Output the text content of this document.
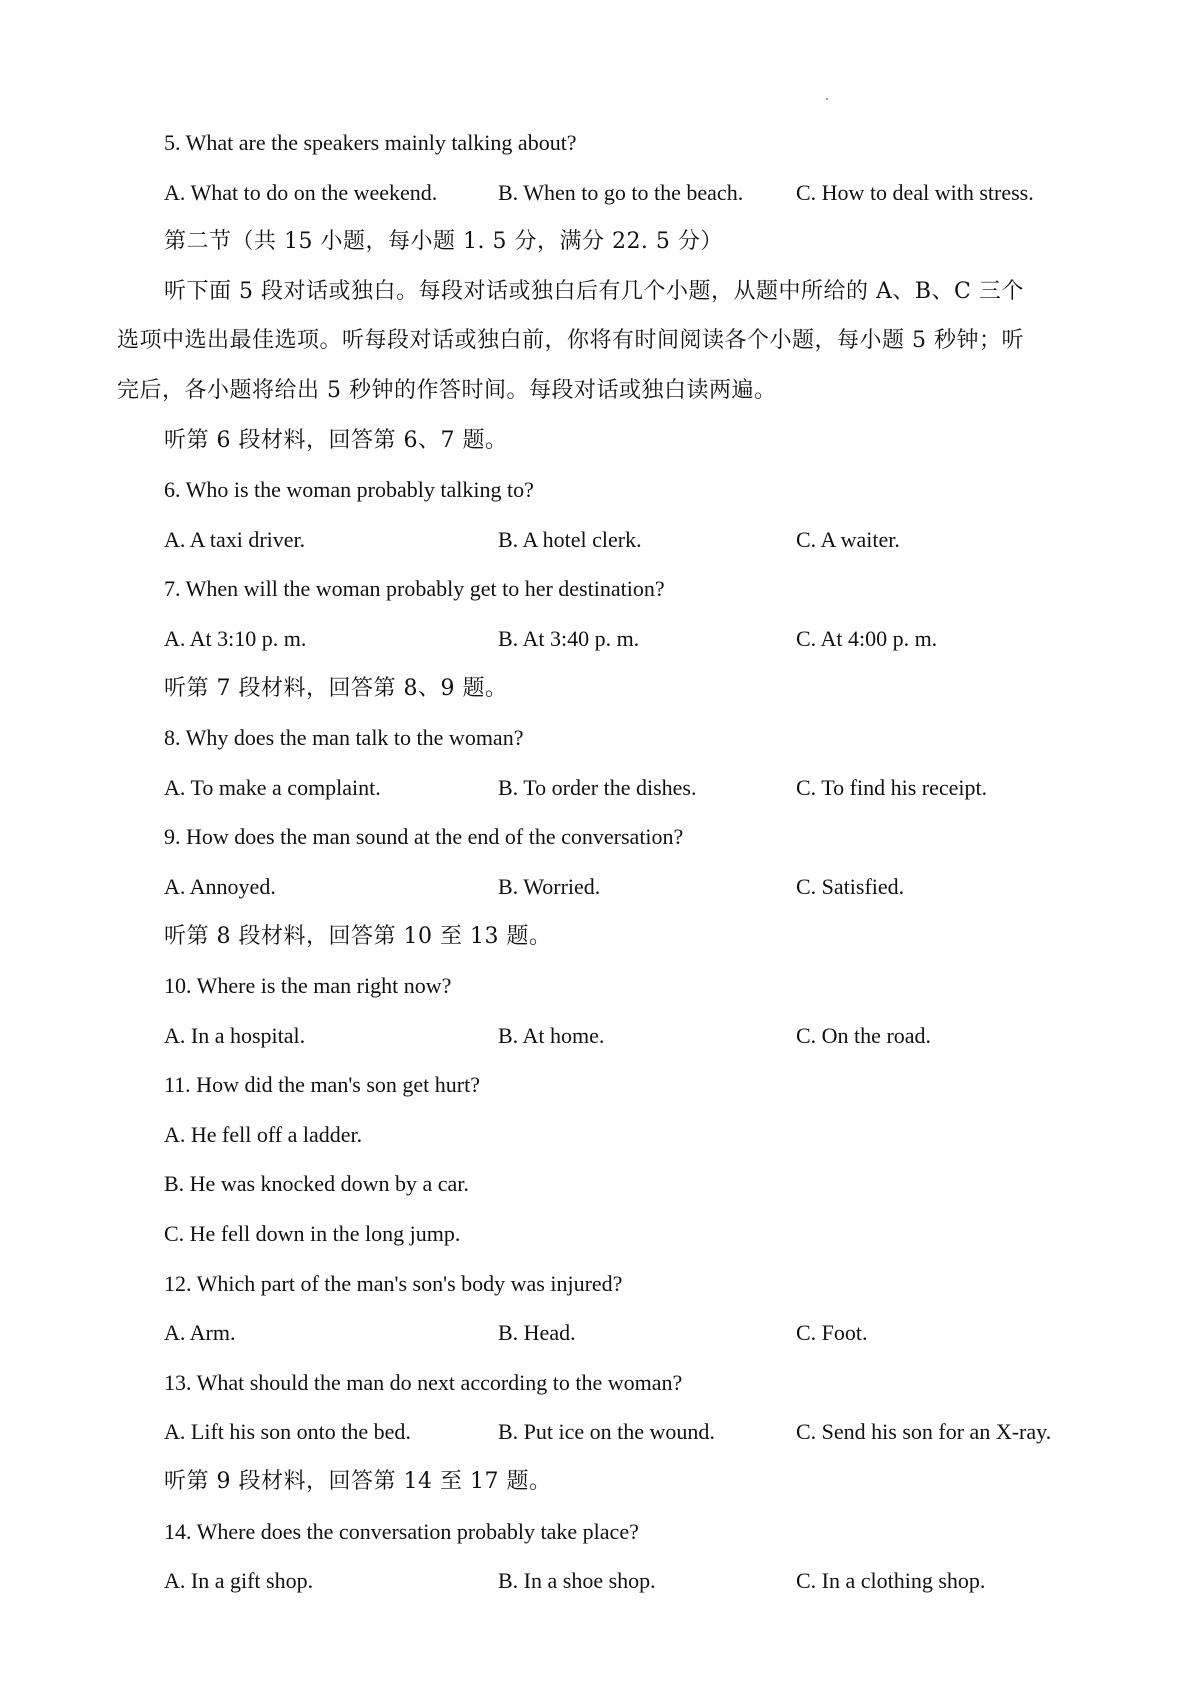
5. What are the speakers mainly talking about?
A. What to do on the weekend.	B. When to go to the beach. C. How to deal with stress.
第二节（共 15 小题，每小题 1. 5 分，满分 22. 5 分）
听下面 5 段对话或独白。每段对话或独白后有几个小题，从题中所给的 A、B、C 三个
选项中选出最佳选项。听每段对话或独白前，你将有时间阅读各个小题，每小题 5 秒钟；听
完后，各小题将给出 5 秒钟的作答时间。每段对话或独白读两遍。
听第 6 段材料，回答第 6、7 题。
6. Who is the woman probably talking to?
A. A taxi driver.	B. A hotel clerk.	C. A waiter.
7. When will the woman probably get to her destination?
A. At 3:10 p. m.	B. At 3:40 p. m.	C. At 4:00 p. m.
听第 7 段材料，回答第 8、9 题。
8. Why does the man talk to the woman?
A. To make a complaint.	B. To order the dishes.	C. To find his receipt.
9. How does the man sound at the end of the conversation?
A. Annoyed.	B. Worried.	C. Satisfied.
听第 8 段材料，回答第 10 至 13 题。
10. Where is the man right now?
A. In a hospital.	B. At home.	C. On the road.
11. How did the man's son get hurt?
A. He fell off a ladder.
B. He was knocked down by a car.
C. He fell down in the long jump.
12. Which part of the man's son's body was injured?
A. Arm.	B. Head.	C. Foot.
13. What should the man do next according to the woman?
A. Lift his son onto the bed.	B. Put ice on the wound.	C. Send his son for an X-ray.
听第 9 段材料，回答第 14 至 17 题。
14. Where does the conversation probably take place?
A. In a gift shop.	B. In a shoe shop.	C. In a clothing shop.
